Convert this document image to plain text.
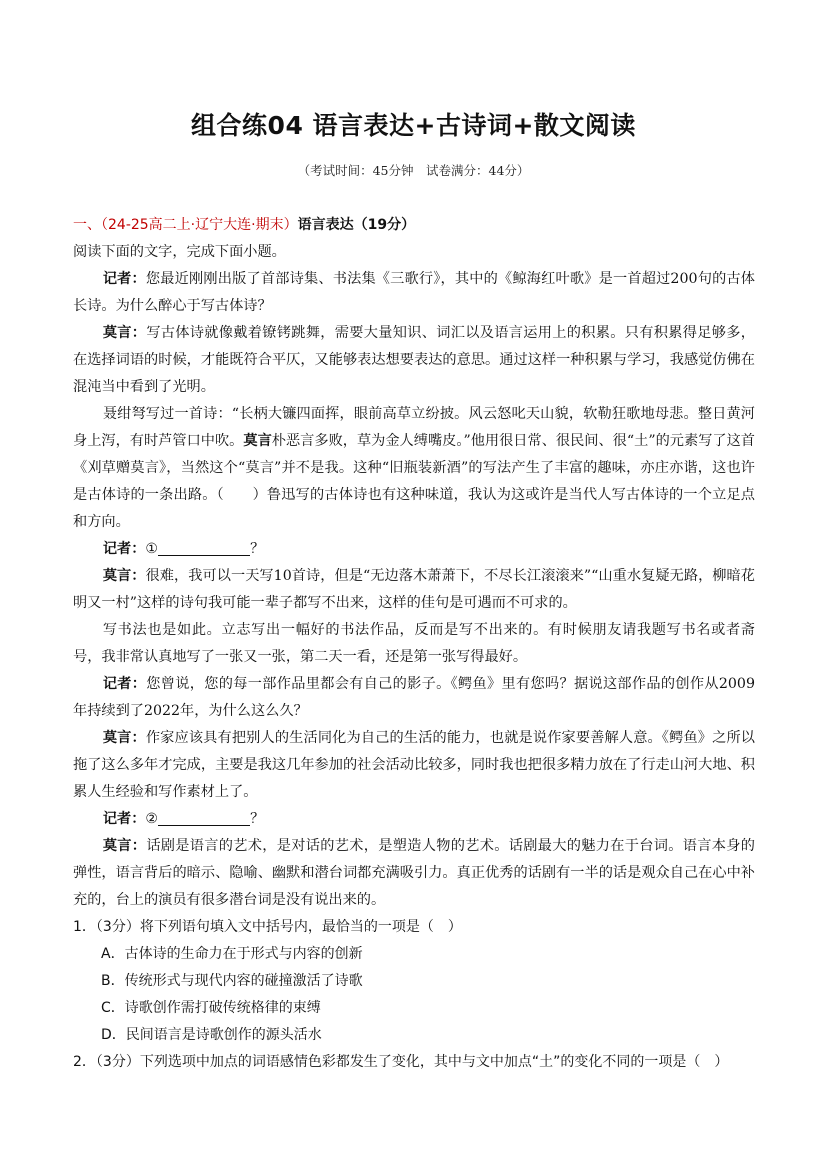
组合练04 语言表达+古诗词+散文阅读
（考试时间：45分钟　试卷满分：44分）

一、（24-25高二上·辽宁大连·期末）语言表达（19分）

阅读下面的文字，完成下面小题。

记者：您最近刚刚出版了首部诗集、书法集《三歌行》，其中的《鲸海红叶歌》是一首超过200句的古体长诗。为什么醉心于写古体诗？

莫言：写古体诗就像戴着镣铐跳舞，需要大量知识、词汇以及语言运用上的积累。只有积累得足够多，在选择词语的时候，才能既符合平仄，又能够表达想要表达的意思。通过这样一种积累与学习，我感觉仿佛在混沌当中看到了光明。

聂绀弩写过一首诗：“长柄大镰四面挥，眼前高草立纷披。风云怒叱天山貌，软勒狂歌地母悲。整日黄河身上泻，有时芦管口中吹。莫言朴恶言多败，草为金人缚嘴皮。”他用很日常、很民间、很“土”的元素写了这首《刈草赠莫言》，当然这个“莫言”并不是我。这种“旧瓶装新酒”的写法产生了丰富的趣味，亦庄亦谐，这也许是古体诗的一条出路。（　　）鲁迅写的古体诗也有这种味道，我认为这或许是当代人写古体诗的一个立足点和方向。

记者：①	？

莫言：很难，我可以一天写10首诗，但是“无边落木萧萧下，不尽长江滚滚来”“山重水复疑无路，柳暗花明又一村”这样的诗句我可能一辈子都写不出来，这样的佳句是可遇而不可求的。

写书法也是如此。立志写出一幅好的书法作品，反而是写不出来的。有时候朋友请我题写书名或者斋号，我非常认真地写了一张又一张，第二天一看，还是第一张写得最好。

记者：您曾说，您的每一部作品里都会有自己的影子。《鳄鱼》里有您吗？据说这部作品的创作从2009年持续到了2022年，为什么这么久？

莫言：作家应该具有把别人的生活同化为自己的生活的能力，也就是说作家要善解人意。《鳄鱼》之所以拖了这么多年才完成，主要是我这几年参加的社会活动比较多，同时我也把很多精力放在了行走山河大地、积累人生经验和写作素材上了。

记者：②	？

莫言：话剧是语言的艺术，是对话的艺术，是塑造人物的艺术。话剧最大的魅力在于台词。语言本身的弹性，语言背后的暗示、隐喻、幽默和潜台词都充满吸引力。真正优秀的话剧有一半的话是观众自己在心中补充的，台上的演员有很多潜台词是没有说出来的。

1．（3分）将下列语句填入文中括号内，最恰当的一项是（　）

A．古体诗的生命力在于形式与内容的创新

B．传统形式与现代内容的碰撞激活了诗歌

C．诗歌创作需打破传统格律的束缚

D．民间语言是诗歌创作的源头活水

2．（3分）下列选项中加点的词语感情色彩都发生了变化，其中与文中加点“土”的变化不同的一项是（　）
